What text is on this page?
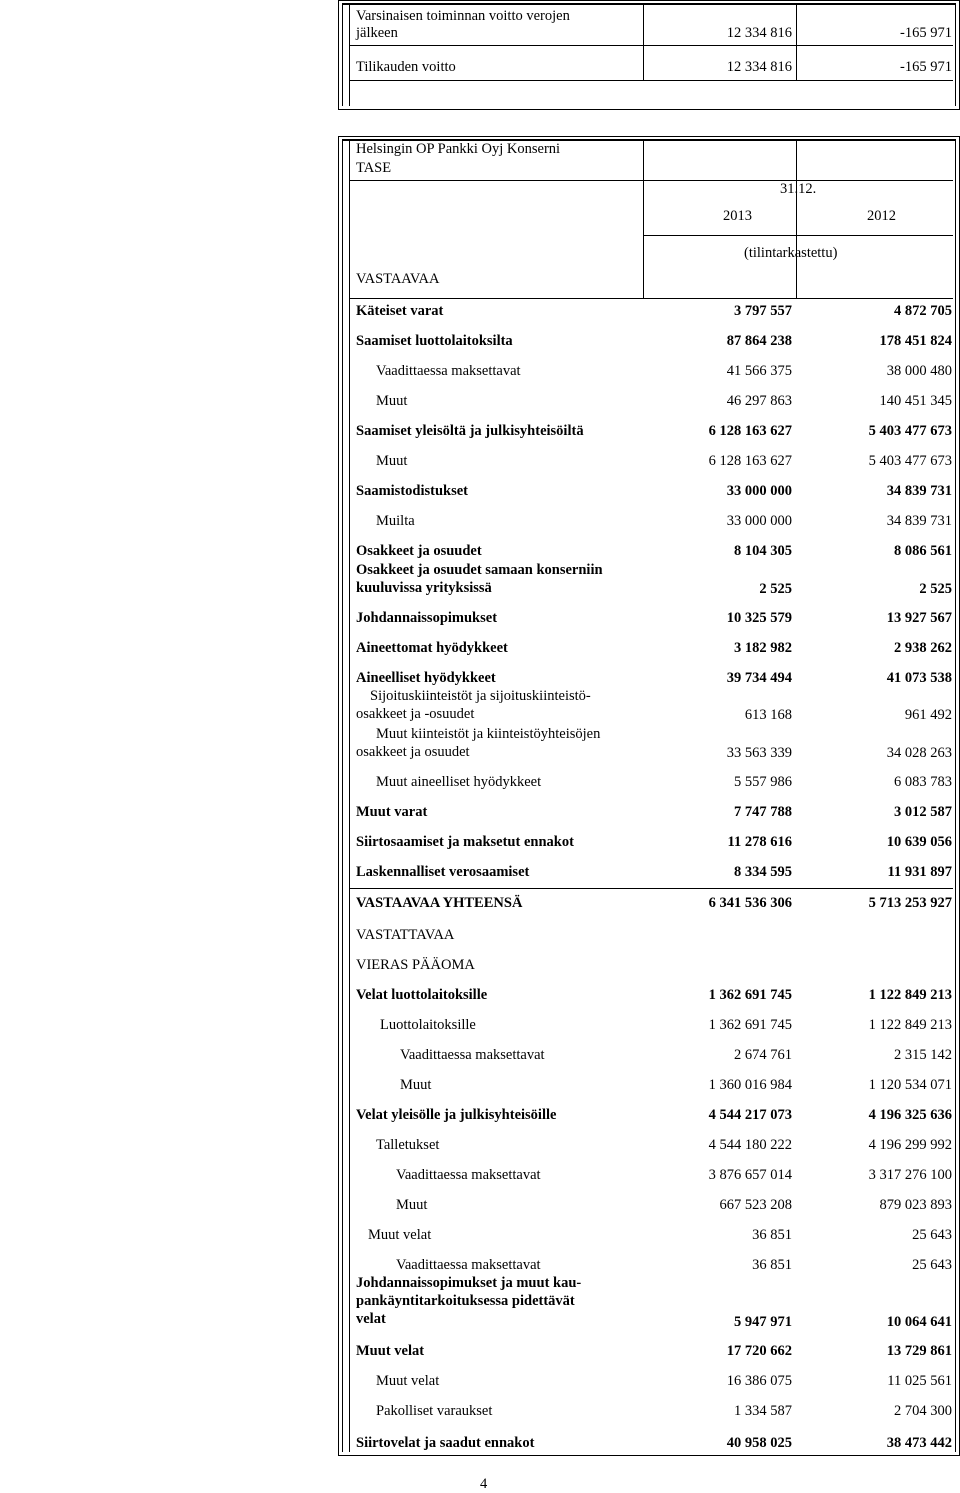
Varsinaisen toiminnan voitto verojen
jälkeen	12 334 816	-165 971
Tilikauden voitto	12 334 816	-165 971
Helsingin OP Pankki Oyj Konserni
TASE
31.12.
2013	2012
(tilintarkastettu)
VASTAAVAA
Käteiset varat	3 797 557	4 872 705
Saamiset luottolaitoksilta	87 864 238	178 451 824
Vaadittaessa maksettavat	41 566 375	38 000 480
Muut	46 297 863	140 451 345
Saamiset yleisöltä ja julkisyhteisöiltä	6 128 163 627	5 403 477 673
Muut	6 128 163 627	5 403 477 673
Saamistodistukset	33 000 000	34 839 731
Muilta	33 000 000	34 839 731
Osakkeet ja osuudet	8 104 305	8 086 561
Osakkeet ja osuudet samaan konserniin
kuuluvissa yrityksissä	2 525	2 525
Johdannaissopimukset	10 325 579	13 927 567
Aineettomat hyödykkeet	3 182 982	2 938 262
Aineelliset hyödykkeet	39 734 494	41 073 538
Sijoituskiinteistöt ja sijoituskiinteistö-
osakkeet ja -osuudet	613 168	961 492
Muut kiinteistöt ja kiinteistöyhteisöjen
osakkeet ja osuudet	33 563 339	34 028 263
Muut aineelliset hyödykkeet	5 557 986	6 083 783
Muut varat	7 747 788	3 012 587
Siirtosaamiset ja maksetut ennakot	11 278 616	10 639 056
Laskennalliset verosaamiset	8 334 595	11 931 897
VASTAAVAA YHTEENSÄ	6 341 536 306	5 713 253 927
VASTATTAVAA
VIERAS PÄÄOMA
Velat luottolaitoksille	1 362 691 745	1 122 849 213
Luottolaitoksille	1 362 691 745	1 122 849 213
Vaadittaessa maksettavat	2 674 761	2 315 142
Muut	1 360 016 984	1 120 534 071
Velat yleisölle ja julkisyhteisöille	4 544 217 073	4 196 325 636
Talletukset	4 544 180 222	4 196 299 992
Vaadittaessa maksettavat	3 876 657 014	3 317 276 100
Muut	667 523 208	879 023 893
Muut velat	36 851	25 643
Vaadittaessa maksettavat	36 851	25 643
Johdannaissopimukset ja muut kau-
pankäyntitarkoituksessa pidettävät
velat	5 947 971	10 064 641
Muut velat	17 720 662	13 729 861
Muut velat	16 386 075	11 025 561
Pakolliset varaukset	1 334 587	2 704 300
Siirtovelat ja saadut ennakot	40 958 025	38 473 442
4
